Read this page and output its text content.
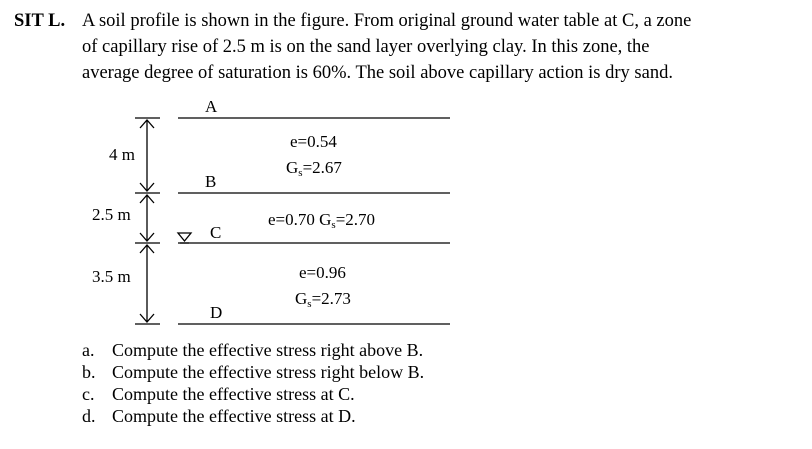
SIT L. A soil profile is shown in the figure. From original ground water table at C, a zone
of capillary rise of 2.5 m is on the sand layer overlying clay. In this zone, the
average degree of saturation is 60%. The soil above capillary action is dry sand.
A
B
C
D
4 m
2.5 m
3.5 m
e=0.54
$G_s=2.67$
e=0.70 $G_s=2.70$
e=0.96
$G_s=2.73$
a. Compute the effective stress right above B.
b. Compute the effective stress right below B.
c. Compute the effective stress at C.
d. Compute the effective stress at D.
